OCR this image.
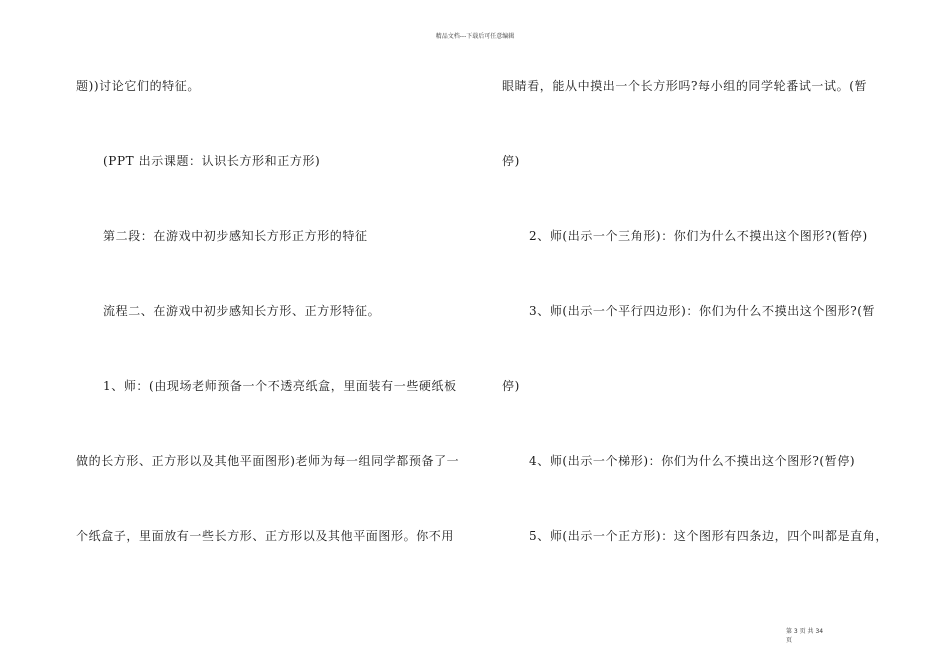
精品文档---下载后可任意编辑
题))讨论它们的特征。
(PPT 出示课题：认识长方形和正方形)
第二段：在游戏中初步感知长方形正方形的特征
流程二、在游戏中初步感知长方形、正方形特征。
1、师：(由现场老师预备一个不透亮纸盒，里面装有一些硬纸板
做的长方形、正方形以及其他平面图形)老师为每一组同学都预备了一
个纸盒子，里面放有一些长方形、正方形以及其他平面图形。你不用
眼睛看，能从中摸出一个长方形吗?每小组的同学轮番试一试。(暂
停)
2、师(出示一个三角形)：你们为什么不摸出这个图形?(暂停)
3、师(出示一个平行四边形)：你们为什么不摸出这个图形?(暂
停)
4、师(出示一个梯形)：你们为什么不摸出这个图形?(暂停)
5、师(出示一个正方形)：这个图形有四条边，四个叫都是直角，
第 3 页 共 34
页
